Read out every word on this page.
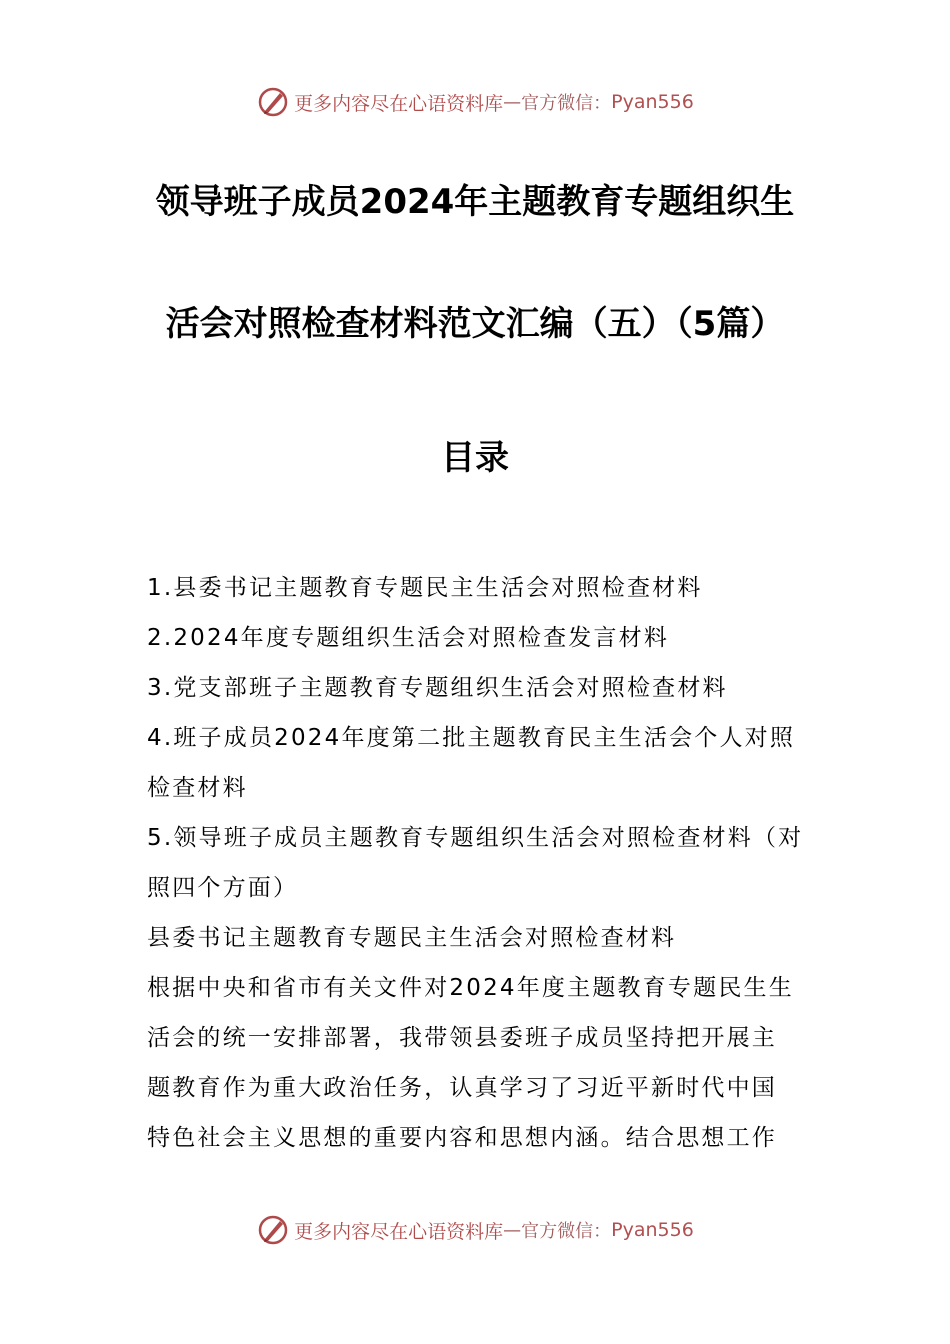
更多内容尽在心语资料库 — 官方微信： Pyan556
领导班子成员2024年主题教育专题组织生
活会对照检查材料范文汇编（五）（5篇）
目录
1.县委书记主题教育专题民主生活会对照检查材料
2.2024年度专题组织生活会对照检查发言材料
3.党支部班子主题教育专题组织生活会对照检查材料
4.班子成员2024年度第二批主题教育民主生活会个人对照
检查材料
5.领导班子成员主题教育专题组织生活会对照检查材料（对
照四个方面）
县委书记主题教育专题民主生活会对照检查材料
根据中央和省市有关文件对2024年度主题教育专题民生生
活会的统一安排部署，我带领县委班子成员坚持把开展主
题教育作为重大政治任务，认真学习了习近平新时代中国
特色社会主义思想的重要内容和思想内涵。结合思想工作
更多内容尽在心语资料库 — 官方微信： Pyan556
